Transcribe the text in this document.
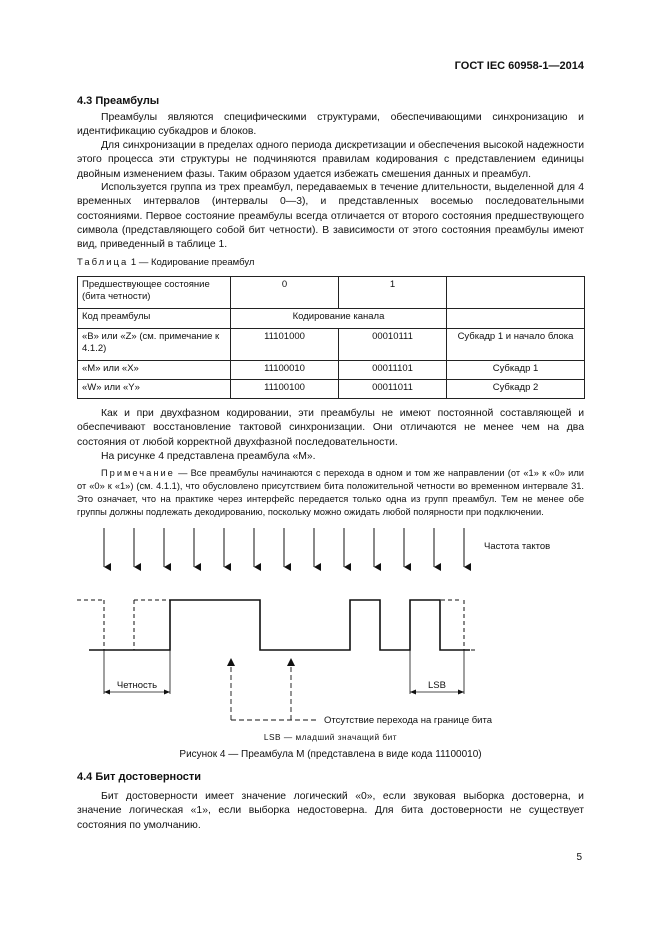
ГОСТ IEC 60958-1—2014
4.3 Преамбулы

Преамбулы являются специфическими структурами, обеспечивающими синхронизацию и идентификацию субкадров и блоков.

Для синхронизации в пределах одного периода дискретизации и обеспечения высокой надежности этого процесса эти структуры не подчиняются правилам кодирования с представлением единицы двойным изменением фазы. Таким образом удается избежать смешения данных и преамбул.

Используется группа из трех преамбул, передаваемых в течение длительности, выделенной для 4 временных интервалов (интервалы 0—3), и представленных восемью последовательными состояниями. Первое состояние преамбулы всегда отличается от второго состояния предшествующего символа (представляющего собой бит четности). В зависимости от этого состояния преамбулы имеют вид, приведенный в таблице 1.

Таблица 1 — Кодирование преамбул
Предшествующее состояние (бита четности)	0	1	
Код преамбулы	Кодирование канала		
«B» или «Z» (см. примечание к 4.1.2)	11101000	00010111	Субкадр 1 и начало блока
«M» или «X»	11100010	00011101	Субкадр 1
«W» или «Y»	11100100	00011011	Субкадр 2

Как и при двухфазном кодировании, эти преамбулы не имеют постоянной составляющей и обеспечивают восстановление тактовой синхронизации. Они отличаются не менее чем на два состояния от любой корректной двухфазной последовательности.

На рисунке 4 представлена преамбула «M».

Примечание — Все преамбулы начинаются с перехода в одном и том же направлении (от «1» к «0» или от «0» к «1») (см. 4.1.1), что обусловлено присутствием бита положительной четности во временном интервале 31. Это означает, что на практике через интерфейс передается только одна из групп преамбул. Тем не менее обе группы должны подлежать декодированию, поскольку можно ожидать любой полярности при подключении.

Частота тактов
Четность	LSB
Отсутствие перехода на границе бита
LSB — младший значащий бит
Рисунок 4 — Преамбула M (представлена в виде кода 11100010)
4.4 Бит достоверности

Бит достоверности имеет значение логический «0», если звуковая выборка достоверна, и значение логическая «1», если выборка недостоверна. Для бита достоверности не существует состояния по умолчанию.

5
